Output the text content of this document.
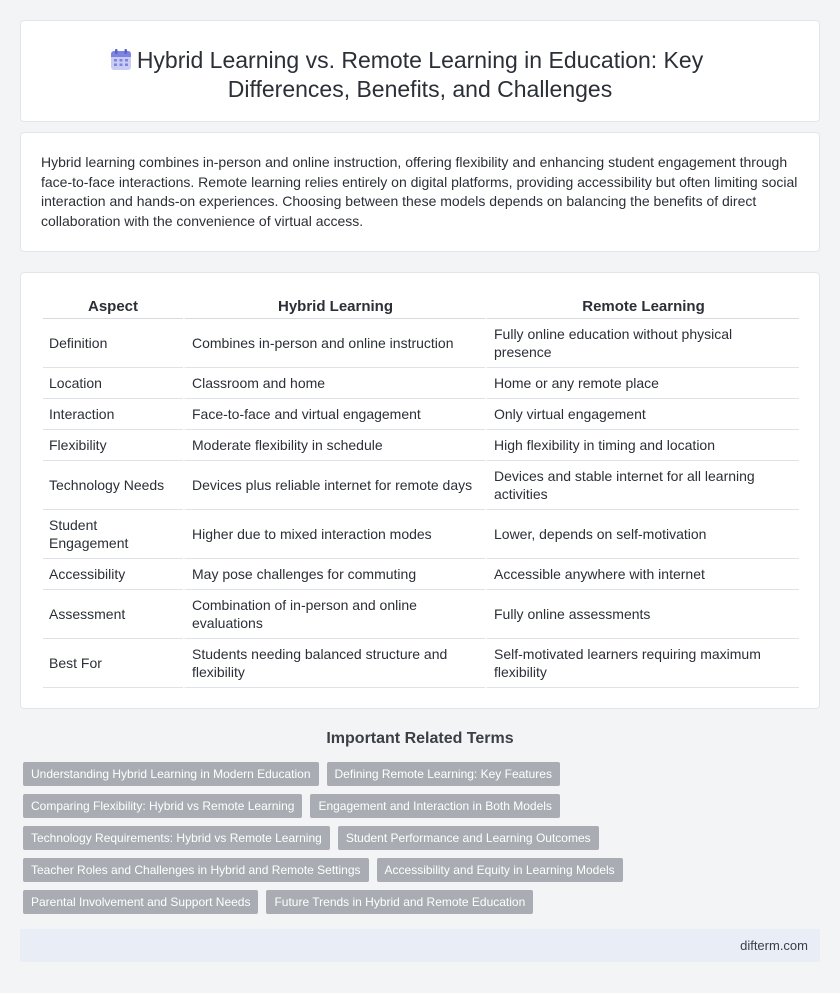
Hybrid Learning vs. Remote Learning in Education: Key Differences, Benefits, and Challenges

Hybrid learning combines in-person and online instruction, offering flexibility and enhancing student engagement through face-to-face interactions. Remote learning relies entirely on digital platforms, providing accessibility but often limiting social interaction and hands-on experiences. Choosing between these models depends on balancing the benefits of direct collaboration with the convenience of virtual access.

Aspect	Hybrid Learning	Remote Learning
Definition	Combines in-person and online instruction	Fully online education without physical presence
Location	Classroom and home	Home or any remote place
Interaction	Face-to-face and virtual engagement	Only virtual engagement
Flexibility	Moderate flexibility in schedule	High flexibility in timing and location
Technology Needs	Devices plus reliable internet for remote days	Devices and stable internet for all learning activities
Student Engagement	Higher due to mixed interaction modes	Lower, depends on self-motivation
Accessibility	May pose challenges for commuting	Accessible anywhere with internet
Assessment	Combination of in-person and online evaluations	Fully online assessments
Best For	Students needing balanced structure and flexibility	Self-motivated learners requiring maximum flexibility
Important Related Terms
Understanding Hybrid Learning in Modern Education	Defining Remote Learning: Key Features
Comparing Flexibility: Hybrid vs Remote Learning	Engagement and Interaction in Both Models
Technology Requirements: Hybrid vs Remote Learning	Student Performance and Learning Outcomes
Teacher Roles and Challenges in Hybrid and Remote Settings	Accessibility and Equity in Learning Models
Parental Involvement and Support Needs	Future Trends in Hybrid and Remote Education
difterm.com
